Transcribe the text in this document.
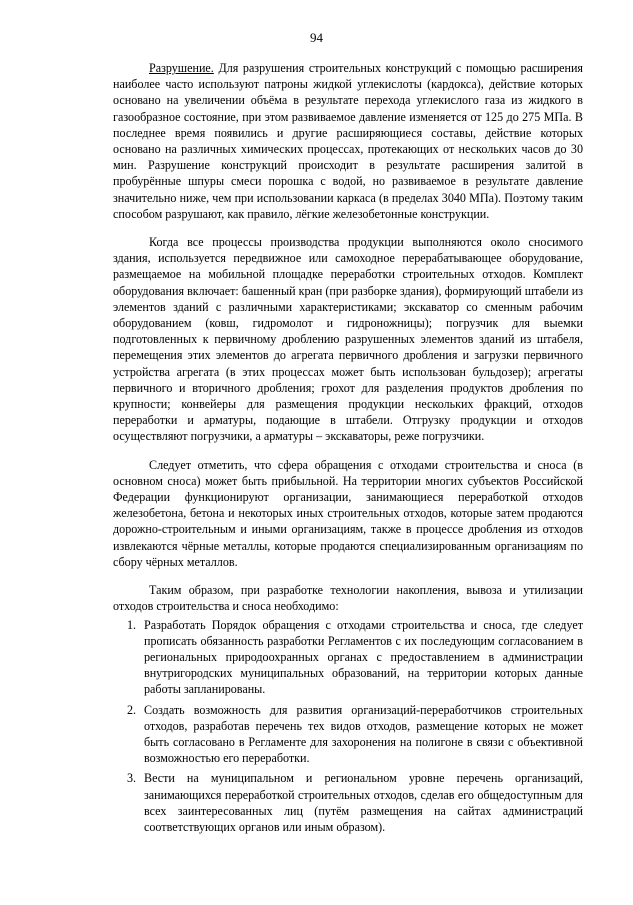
94

Разрушение. Для разрушения строительных конструкций с помощью расширения наиболее часто используют патроны жидкой углекислоты (кардокса), действие которых основано на увеличении объёма в результате перехода углекислого газа из жидкого в газообразное состояние, при этом развиваемое давление изменяется от 125 до 275 МПа. В последнее время появились и другие расширяющиеся составы, действие которых основано на различных химических процессах, протекающих от нескольких часов до 30 мин. Разрушение конструкций происходит в результате расширения залитой в пробурённые шпуры смеси порошка с водой, но развиваемое в результате давление значительно ниже, чем при использовании каркаса (в пределах 3040 МПа). Поэтому таким способом разрушают, как правило, лёгкие железобетонные конструкции.

Когда все процессы производства продукции выполняются около сносимого здания, используется передвижное или самоходное перерабатывающее оборудование, размещаемое на мобильной площадке переработки строительных отходов. Комплект оборудования включает: башенный кран (при разборке здания), формирующий штабели из элементов зданий с различными характеристиками; экскаватор со сменным рабочим оборудованием (ковш, гидромолот и гидроножницы); погрузчик для выемки подготовленных к первичному дроблению разрушенных элементов зданий из штабеля, перемещения этих элементов до агрегата первичного дробления и загрузки первичного устройства агрегата (в этих процессах может быть использован бульдозер); агрегаты первичного и вторичного дробления; грохот для разделения продуктов дробления по крупности; конвейеры для размещения продукции нескольких фракций, отходов переработки и арматуры, подающие в штабели. Отгрузку продукции и отходов осуществляют погрузчики, а арматуры – экскаваторы, реже погрузчики.

Следует отметить, что сфера обращения с отходами строительства и сноса (в основном сноса) может быть прибыльной. На территории многих субъектов Российской Федерации функционируют организации, занимающиеся переработкой отходов железобетона, бетона и некоторых иных строительных отходов, которые затем продаются дорожно-строительным и иными организациям, также в процессе дробления из отходов извлекаются чёрные металлы, которые продаются специализированным организациям по сбору чёрных металлов.

Таким образом, при разработке технологии накопления, вывоза и утилизации отходов строительства и сноса необходимо:

1. Разработать Порядок обращения с отходами строительства и сноса, где следует прописать обязанность разработки Регламентов с их последующим согласованием в региональных природоохранных органах с предоставлением в администрации внутригородских муниципальных образований, на территории которых данные работы запланированы.
2. Создать возможность для развития организаций-переработчиков строительных отходов, разработав перечень тех видов отходов, размещение которых не может быть согласовано в Регламенте для захоронения на полигоне в связи с объективной возможностью его переработки.
3. Вести на муниципальном и региональном уровне перечень организаций, занимающихся переработкой строительных отходов, сделав его общедоступным для всех заинтересованных лиц (путём размещения на сайтах администраций соответствующих органов или иным образом).
